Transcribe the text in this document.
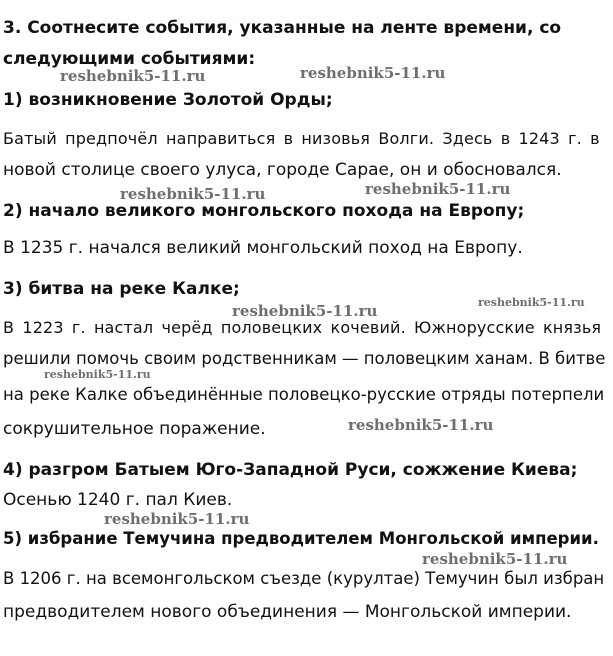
3. Соотнесите события, указанные на ленте времени, со
следующими событиями:
1) возникновение Золотой Орды;
Батый предпочёл направиться в низовья Волги. Здесь в 1243 г. в
новой столице своего улуса, городе Сарае, он и обосновался.
2) начало великого монгольского похода на Европу;
В 1235 г. начался великий монгольский поход на Европу.
3) битва на реке Калке;
В 1223 г. настал черёд половецких кочевий. Южнорусские князья
решили помочь своим родственникам — половецким ханам. В битве
на реке Калке объединённые половецко-русские отряды потерпели
сокрушительное поражение.
4) разгром Батыем Юго-Западной Руси, сожжение Киева;
Осенью 1240 г. пал Киев.
5) избрание Темучина предводителем Монгольской империи.
В 1206 г. на всемонгольском съезде (курултае) Темучин был избран
предводителем нового объединения — Монгольской империи.
reshebnik5-11.ru	reshebnik5-11.ru
reshebnik5-11.ru	reshebnik5-11.ru
reshebnik5-11.ru	reshebnik5-11.ru
reshebnik5-11.ru
reshebnik5-11.ru
reshebnik5-11.ru
reshebnik5-11.ru
